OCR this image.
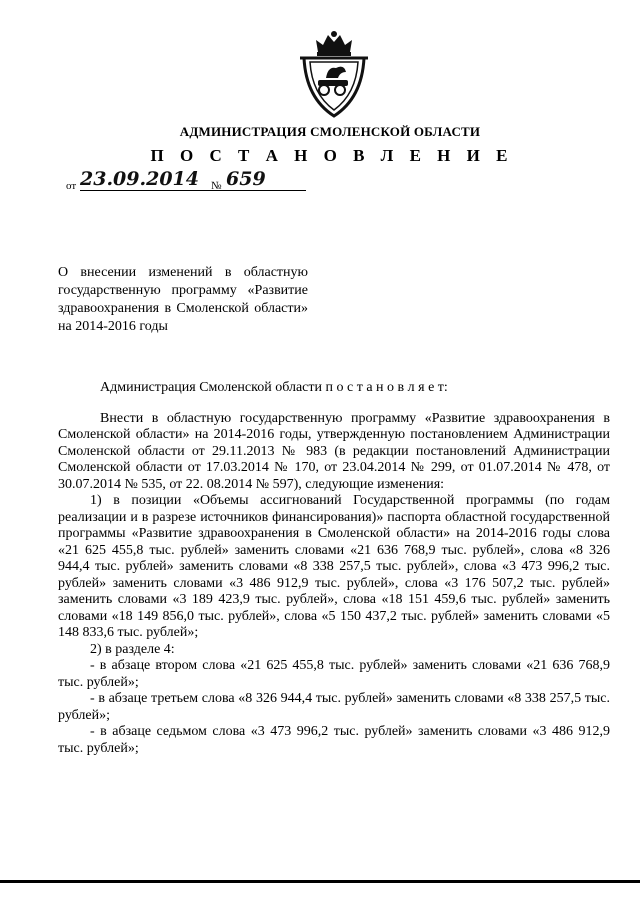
АДМИНИСТРАЦИЯ СМОЛЕНСКОЙ ОБЛАСТИ
П О С Т А Н О В Л Е Н И Е
от 23.09.2014	№ 659
О внесении изменений в областную государственную программу «Развитие здравоохранения в Смоленской области» на 2014-2016 годы

Администрация Смоленской области п о с т а н о в л я е т:

Внести в областную государственную программу «Развитие здравоохранения в Смоленской области» на 2014-2016 годы, утвержденную постановлением Администрации Смоленской области от 29.11.2013 № 983 (в редакции постановлений Администрации Смоленской области от 17.03.2014 № 170, от 23.04.2014 № 299, от 01.07.2014 № 478, от 30.07.2014 № 535, от 22. 08.2014 № 597), следующие изменения:

1) в позиции «Объемы ассигнований Государственной программы (по годам реализации и в разрезе источников финансирования)» паспорта областной государственной программы «Развитие здравоохранения в Смоленской области» на 2014-2016 годы слова «21 625 455,8 тыс. рублей» заменить словами «21 636 768,9 тыс. рублей», слова «8 326 944,4 тыс. рублей» заменить словами «8 338 257,5 тыс. рублей», слова «3 473 996,2 тыс. рублей» заменить словами «3 486 912,9 тыс. рублей», слова «3 176 507,2 тыс. рублей» заменить словами «3 189 423,9 тыс. рублей», слова «18 151 459,6 тыс. рублей» заменить словами «18 149 856,0 тыс. рублей», слова «5 150 437,2 тыс. рублей» заменить словами «5 148 833,6 тыс. рублей»;

2) в разделе 4:

- в абзаце втором слова «21 625 455,8 тыс. рублей» заменить словами «21 636 768,9 тыс. рублей»;

- в абзаце третьем слова «8 326 944,4 тыс. рублей» заменить словами «8 338 257,5 тыс. рублей»;

- в абзаце седьмом слова «3 473 996,2 тыс. рублей» заменить словами «3 486 912,9 тыс. рублей»;
